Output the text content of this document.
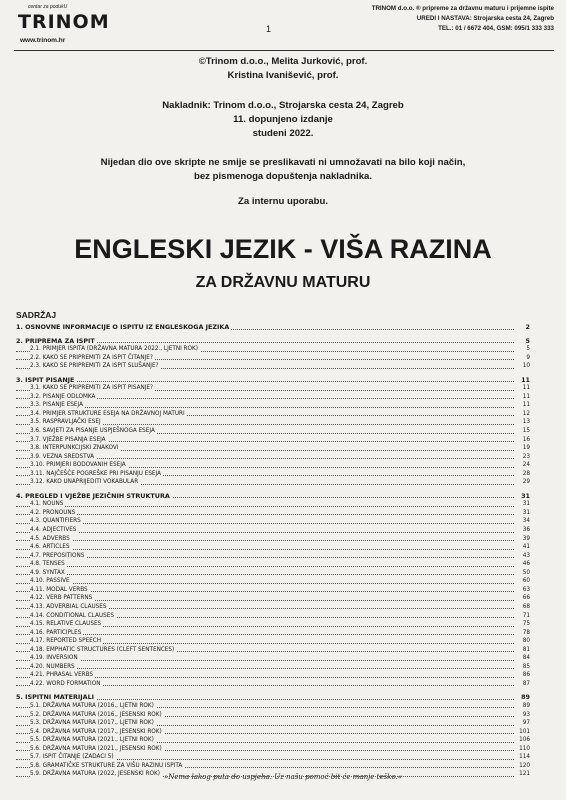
centar za podukU
TRINOM
www.trinom.hr
1
TRINOM d.o.o. ® pripreme za državnu maturu i prijemne ispite
UREDI I NASTAVA: Strojarska cesta 24, Zagreb
TEL.: 01 / 6672 404, GSM: 095/1 333 333
©Trinom d.o.o., Melita Jurković, prof.
Kristina Ivanišević, prof.
Nakladnik: Trinom d.o.o., Strojarska cesta 24, Zagreb
11. dopunjeno izdanje
studeni 2022.
Nijedan dio ove skripte ne smije se preslikavati ni umnožavati na bilo koji način,
bez pismenoga dopuštenja nakladnika.
Za internu uporabu.
ENGLESKI JEZIK - VIŠA RAZINA
ZA DRŽAVNU MATURU
SADRŽAJ
1. OSNOVNE INFORMACIJE O ISPITU IZ ENGLESKOGA JEZIKA	2
2. PRIPREMA ZA ISPIT	5
2.1. PRIMJER ISPITA (DRŽAVNA MATURA 2022., LJETNI ROK)	5
2.2. KAKO SE PRIPREMITI ZA ISPIT ČITANJE?	9
2.3. KAKO SE PRIPREMITI ZA ISPIT SLUŠANJE?	10
3. ISPIT PISANJE	11
3.1. KAKO SE PRIPREMITI ZA ISPIT PISANJE?	11
3.2. PISANJE ODLOMKA	11
3.3. PISANJE ESEJA	11
3.4. PRIMJER STRUKTURE ESEJA NA DRŽAVNOJ MATURI	12
3.5. RASPRAVLJAČKI ESEJ	13
3.6. SAVJETI ZA PISANJE USPJEŠNOGA ESEJA	15
3.7. VJEŽBE PISANJA ESEJA	16
3.8. INTERPUNKCIJSKI ZNAKOVI	19
3.9. VEZNA SREDSTVA	23
3.10. PRIMJERI BODOVANIH ESEJA	24
3.11. NAJČEŠĆE POGREŠKE PRI PISANJU ESEJA	28
3.12. KAKO UNAPRIJEDITI VOKABULAR	29
4. PREGLED I VJEŽBE JEZIČNIH STRUKTURA	31
4.1. NOUNS	31
4.2. PRONOUNS	31
4.3. QUANTIFIERS	34
4.4. ADJECTIVES	36
4.5. ADVERBS	39
4.6. ARTICLES	41
4.7. PREPOSITIONS	43
4.8. TENSES	46
4.9. SYNTAX	50
4.10. PASSIVE	60
4.11. MODAL VERBS	63
4.12. VERB PATTERNS	66
4.13. ADVERBIAL CLAUSES	68
4.14. CONDITIONAL CLAUSES	71
4.15. RELATIVE CLAUSES	75
4.16. PARTICIPLES	78
4.17. REPORTED SPEECH	80
4.18. EMPHATIC STRUCTURES (CLEFT SENTENCES)	81
4.19. INVERSION	84
4.20. NUMBERS	85
4.21. PHRASAL VERBS	86
4.22. WORD FORMATION	87
5. ISPITNI MATERIJALI	89
5.1. DRŽAVNA MATURA (2016., LJETNI ROK)	89
5.2. DRŽAVNA MATURA (2016., JESENSKI ROK)	93
5.3. DRŽAVNA MATURA (2017., LJETNI ROK)	97
5.4. DRŽAVNA MATURA (2017., JESENSKI ROK)	101
5.5. DRŽAVNA MATURA (2021., LJETNI ROK)	106
5.6. DRŽAVNA MATURA (2021., JESENSKI ROK)	110
5.7. ISPIT ČITANJE (ZADACI 5)	114
5.8. GRAMATIČKE STRUKTURE ZA VIŠU RAZINU ISPITA	120
5.9. DRŽAVNA MATURA (2022, JESENSKI ROK)	121
»Nema lakog puta do uspjeha. Uz našu pomoć bit će manje teško.«
